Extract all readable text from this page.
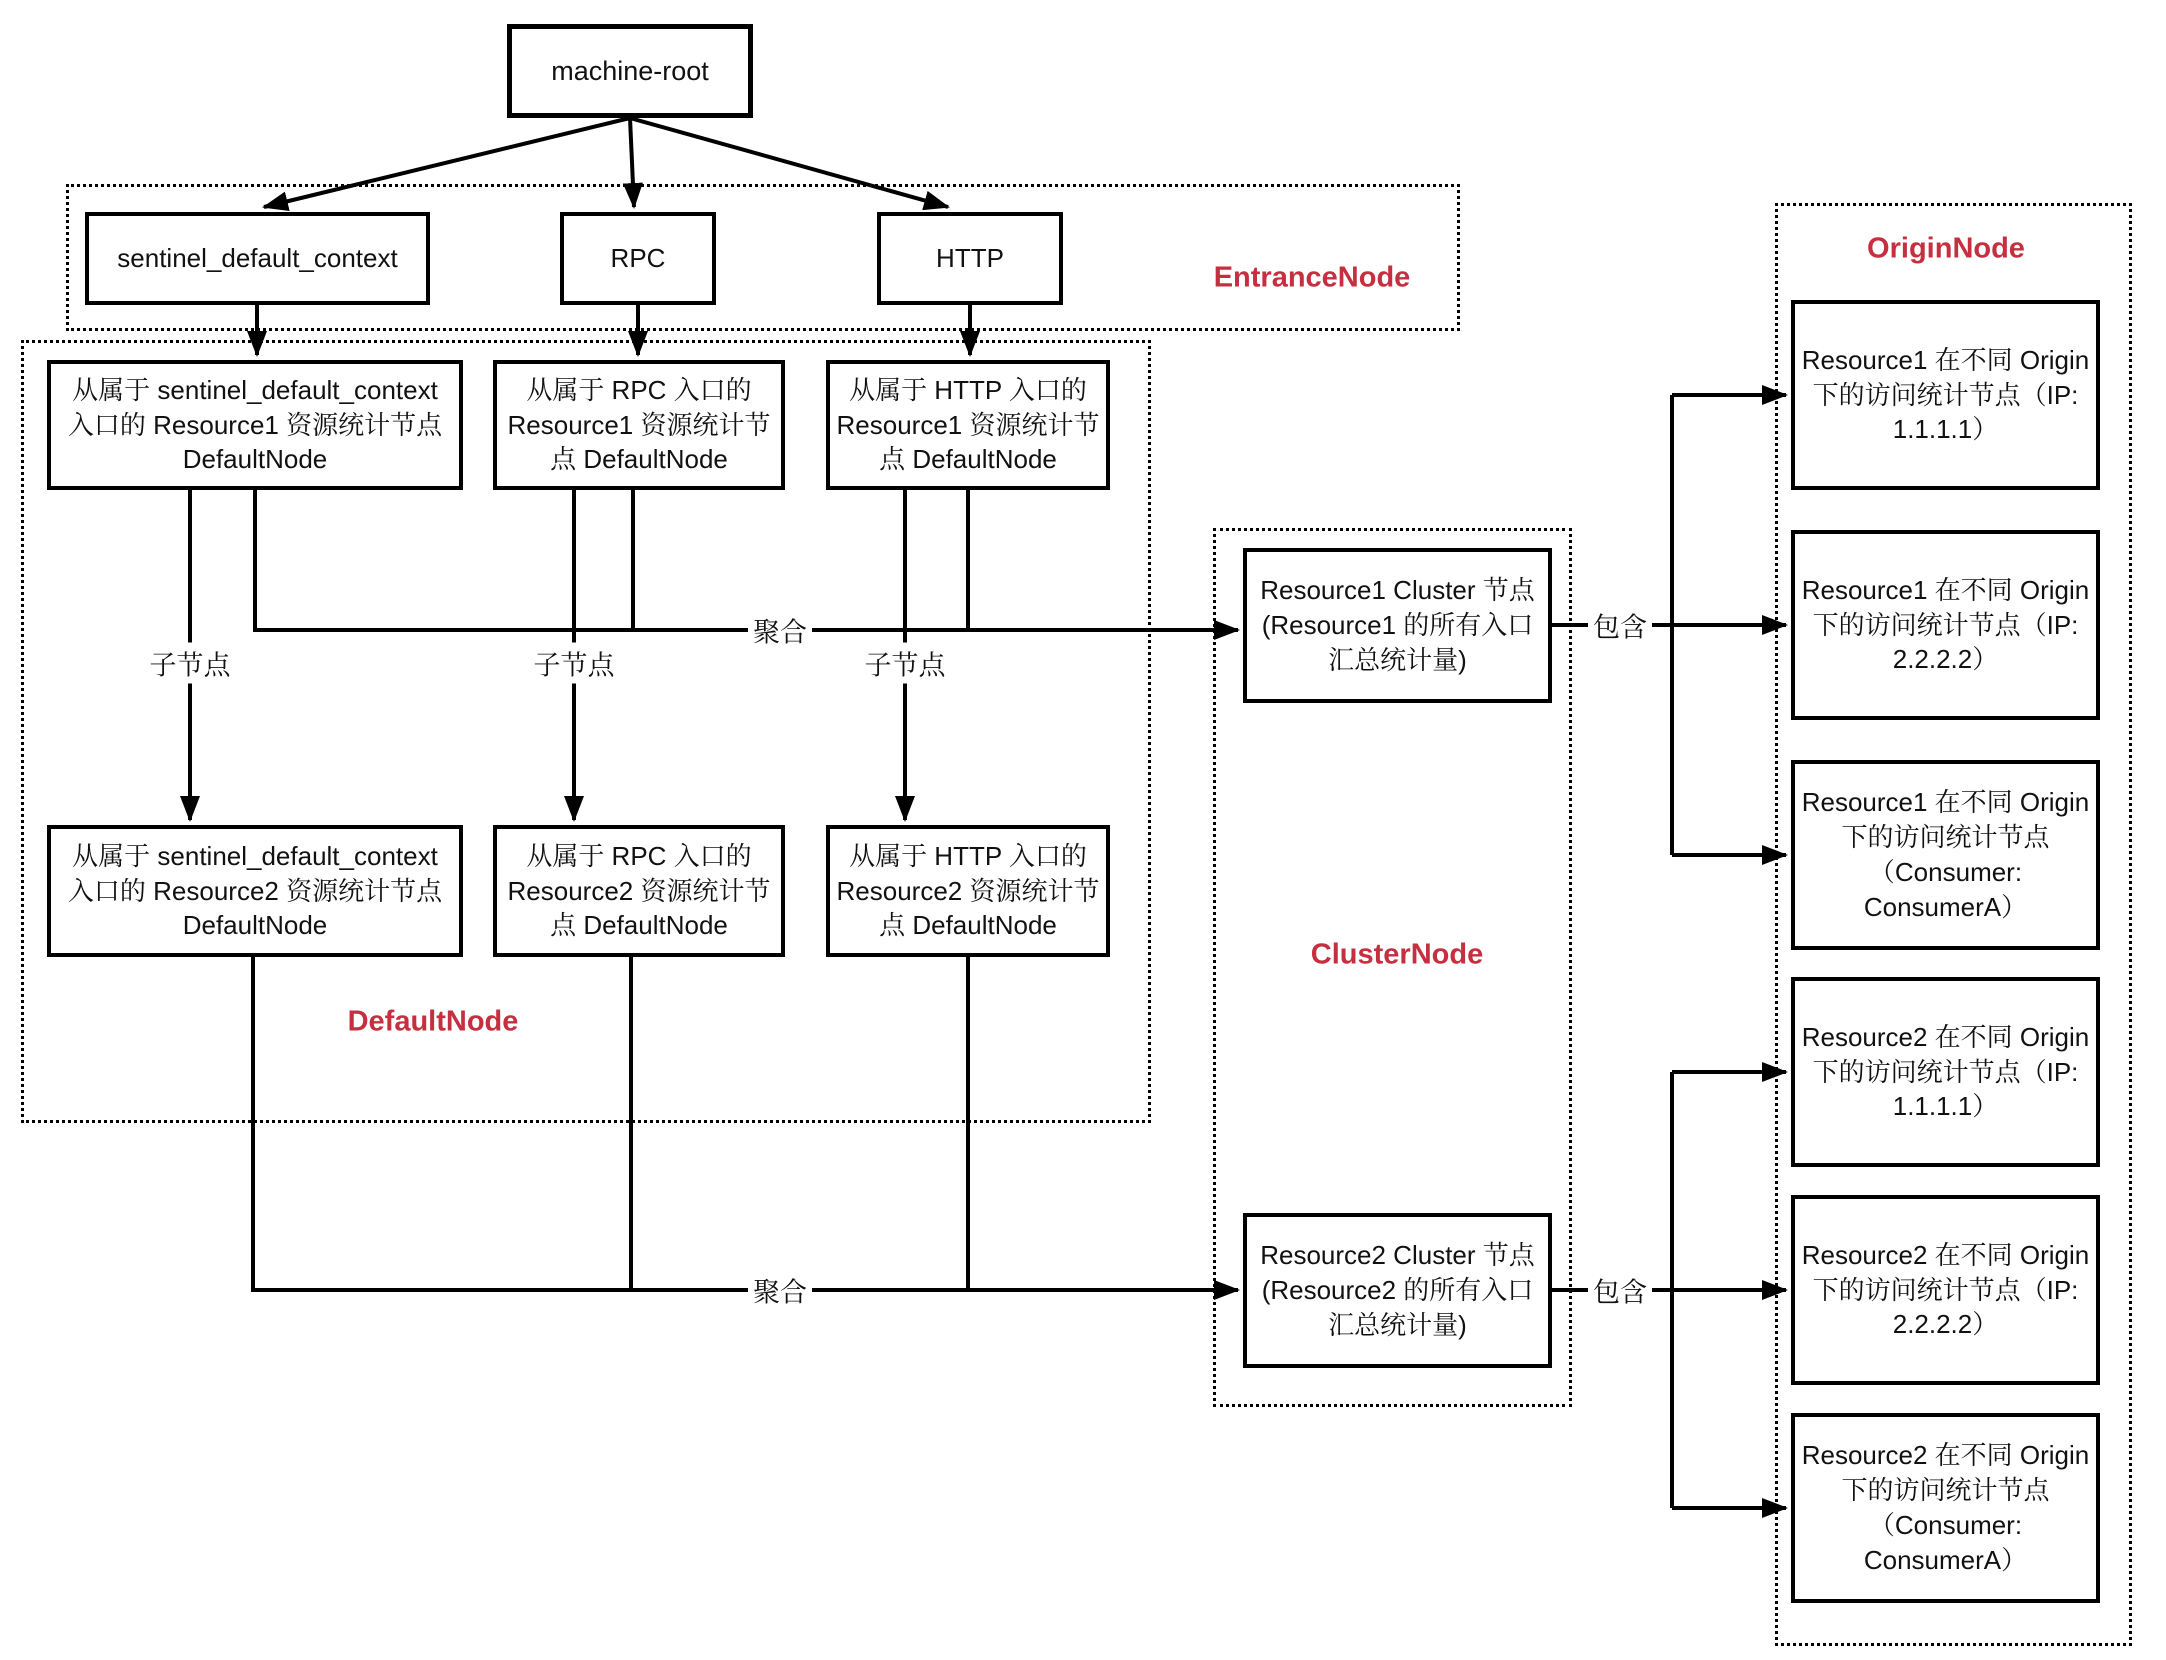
machine-root
sentinel_default_context	RPC	HTTP
从属于 sentinel_default_context 入口的 Resource1 资源统计节点 DefaultNode
从属于 RPC 入口的 Resource1 资源统计节点 DefaultNode
从属于 HTTP 入口的 Resource1 资源统计节点 DefaultNode
从属于 sentinel_default_context 入口的 Resource2 资源统计节点 DefaultNode
从属于 RPC 入口的 Resource2 资源统计节点 DefaultNode
从属于 HTTP 入口的 Resource2 资源统计节点 DefaultNode
Resource1 Cluster 节点(Resource1 的所有入口汇总统计量)
Resource2 Cluster 节点(Resource2 的所有入口汇总统计量)
Resource1 在不同 Origin 下的访问统计节点（IP: 1.1.1.1）
Resource1 在不同 Origin 下的访问统计节点（IP: 2.2.2.2）
Resource1 在不同 Origin 下的访问统计节点（Consumer: ConsumerA）
Resource2 在不同 Origin 下的访问统计节点（IP: 1.1.1.1）
Resource2 在不同 Origin 下的访问统计节点（IP: 2.2.2.2）
Resource2 在不同 Origin 下的访问统计节点（Consumer: ConsumerA）
EntranceNode
DefaultNode
ClusterNode
OriginNode
子节点	子节点	子节点
聚合
聚合
包含
包含
